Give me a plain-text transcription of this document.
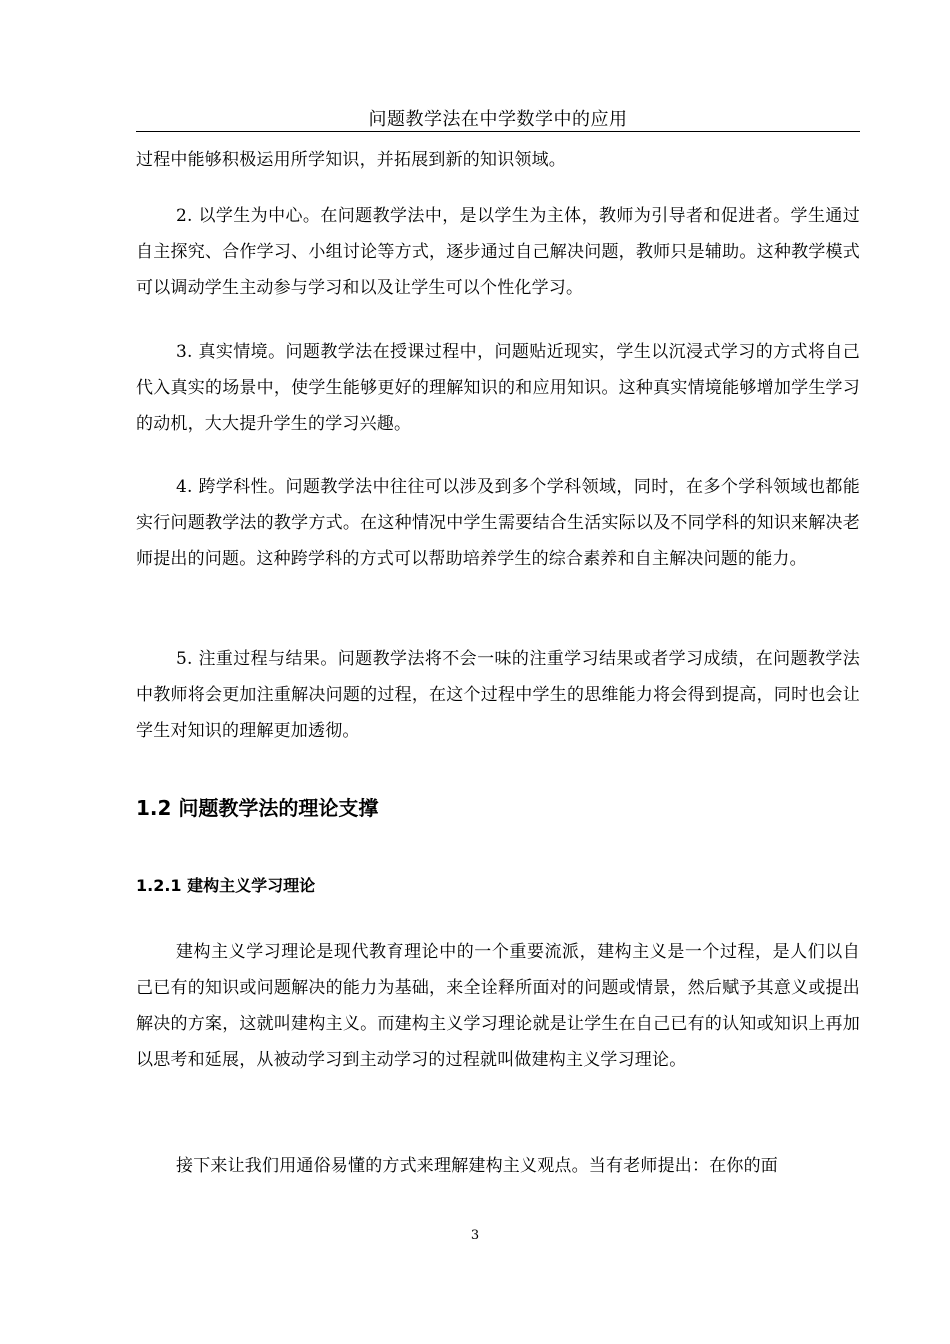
问题教学法在中学数学中的应用

过程中能够积极运用所学知识，并拓展到新的知识领域。

2. 以学生为中心。在问题教学法中，是以学生为主体，教师为引导者和促进者。学生通过自主探究、合作学习、小组讨论等方式，逐步通过自己解决问题，教师只是辅助。这种教学模式可以调动学生主动参与学习和以及让学生可以个性化学习。

3. 真实情境。问题教学法在授课过程中，问题贴近现实，学生以沉浸式学习的方式将自己代入真实的场景中，使学生能够更好的理解知识的和应用知识。这种真实情境能够增加学生学习的动机，大大提升学生的学习兴趣。

4. 跨学科性。问题教学法中往往可以涉及到多个学科领域，同时，在多个学科领域也都能实行问题教学法的教学方式。在这种情况中学生需要结合生活实际以及不同学科的知识来解决老师提出的问题。这种跨学科的方式可以帮助培养学生的综合素养和自主解决问题的能力。

5. 注重过程与结果。问题教学法将不会一味的注重学习结果或者学习成绩，在问题教学法中教师将会更加注重解决问题的过程，在这个过程中学生的思维能力将会得到提高，同时也会让学生对知识的理解更加透彻。

1.2 问题教学法的理论支撑
1.2.1 建构主义学习理论

建构主义学习理论是现代教育理论中的一个重要流派，建构主义是一个过程，是人们以自己已有的知识或问题解决的能力为基础，来全诠释所面对的问题或情景，然后赋予其意义或提出解决的方案，这就叫建构主义。而建构主义学习理论就是让学生在自己已有的认知或知识上再加以思考和延展，从被动学习到主动学习的过程就叫做建构主义学习理论。

接下来让我们用通俗易懂的方式来理解建构主义观点。当有老师提出：在你的面

3
